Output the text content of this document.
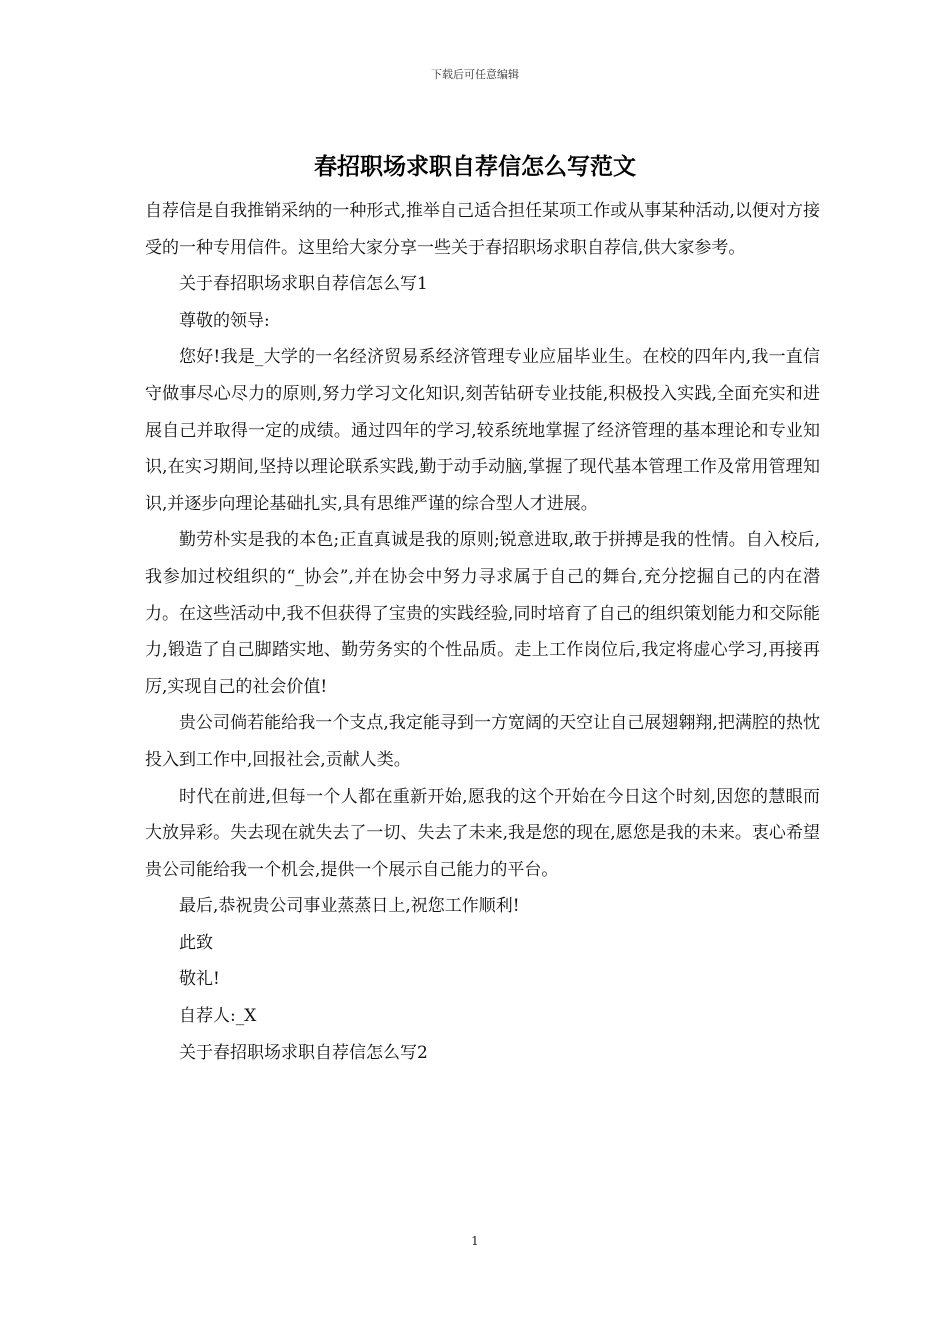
下载后可任意编辑
春招职场求职自荐信怎么写范文

自荐信是自我推销采纳的一种形式,推举自己适合担任某项工作或从事某种活动,以便对方接受的一种专用信件。这里给大家分享一些关于春招职场求职自荐信,供大家参考。

关于春招职场求职自荐信怎么写1

尊敬的领导:

您好!我是_大学的一名经济贸易系经济管理专业应届毕业生。在校的四年内,我一直信守做事尽心尽力的原则,努力学习文化知识,刻苦钻研专业技能,积极投入实践,全面充实和进展自己并取得一定的成绩。通过四年的学习,较系统地掌握了经济管理的基本理论和专业知识,在实习期间,坚持以理论联系实践,勤于动手动脑,掌握了现代基本管理工作及常用管理知识,并逐步向理论基础扎实,具有思维严谨的综合型人才进展。

勤劳朴实是我的本色;正直真诚是我的原则;锐意进取,敢于拼搏是我的性情。自入校后,我参加过校组织的“_协会”,并在协会中努力寻求属于自己的舞台,充分挖掘自己的内在潜力。在这些活动中,我不但获得了宝贵的实践经验,同时培育了自己的组织策划能力和交际能力,锻造了自己脚踏实地、勤劳务实的个性品质。走上工作岗位后,我定将虚心学习,再接再厉,实现自己的社会价值!

贵公司倘若能给我一个支点,我定能寻到一方宽阔的天空让自己展翅翱翔,把满腔的热忱投入到工作中,回报社会,贡献人类。

时代在前进,但每一个人都在重新开始,愿我的这个开始在今日这个时刻,因您的慧眼而大放异彩。失去现在就失去了一切、失去了未来,我是您的现在,愿您是我的未来。衷心希望贵公司能给我一个机会,提供一个展示自己能力的平台。

最后,恭祝贵公司事业蒸蒸日上,祝您工作顺利!

此致

敬礼!

自荐人:_X

关于春招职场求职自荐信怎么写2

1
